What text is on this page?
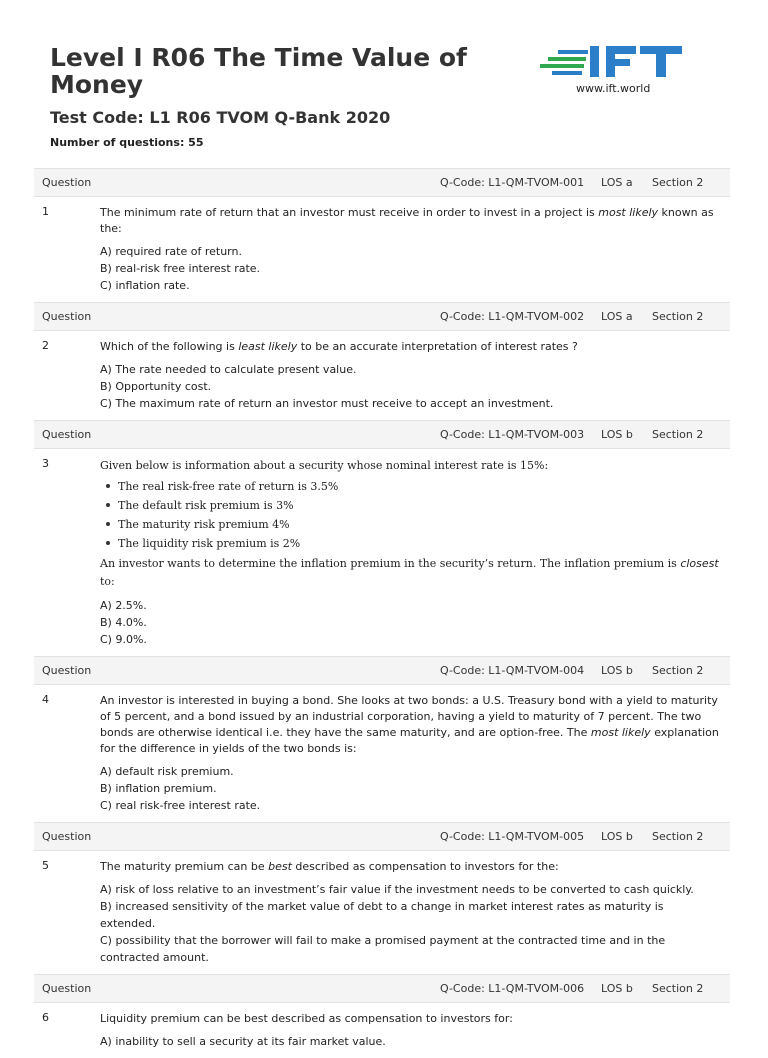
Level I R06 The Time Value of Money
Test Code: L1 R06 TVOM Q-Bank 2020

Number of questions: 55

www.ift.world
Question	Q-Code: L1-QM-TVOM-001 LOS a Section 2
1	The minimum rate of return that an investor must receive in order to invest in a project is most likely known as the:

A) required rate of return.

B) real-risk free interest rate.

C) inflation rate.

Question	Q-Code: L1-QM-TVOM-002 LOS a Section 2
2	Which of the following is least likely to be an accurate interpretation of interest rates ?

A) The rate needed to calculate present value.

B) Opportunity cost.

C) The maximum rate of return an investor must receive to accept an investment.

Question	Q-Code: L1-QM-TVOM-003 LOS b Section 2
3	Given below is information about a security whose nominal interest rate is 15%:

The real risk-free rate of return is 3.5%
The default risk premium is 3%
The maturity risk premium 4%
The liquidity risk premium is 2%

An investor wants to determine the inflation premium in the security’s return. The inflation premium is closest to:

A) 2.5%.

B) 4.0%.

C) 9.0%.

Question	Q-Code: L1-QM-TVOM-004 LOS b Section 2
4	An investor is interested in buying a bond. She looks at two bonds: a U.S. Treasury bond with a yield to maturity of 5 percent, and a bond issued by an industrial corporation, having a yield to maturity of 7 percent. The two bonds are otherwise identical i.e. they have the same maturity, and are option-free. The most likely explanation for the difference in yields of the two bonds is:

A) default risk premium.

B) inflation premium.

C) real risk-free interest rate.

Question	Q-Code: L1-QM-TVOM-005 LOS b Section 2
5	The maturity premium can be best described as compensation to investors for the:

A) risk of loss relative to an investment’s fair value if the investment needs to be converted to cash quickly.

B) increased sensitivity of the market value of debt to a change in market interest rates as maturity is extended.

C) possibility that the borrower will fail to make a promised payment at the contracted time and in the contracted amount.

Question	Q-Code: L1-QM-TVOM-006 LOS b Section 2
6	Liquidity premium can be best described as compensation to investors for:

A) inability to sell a security at its fair market value.
